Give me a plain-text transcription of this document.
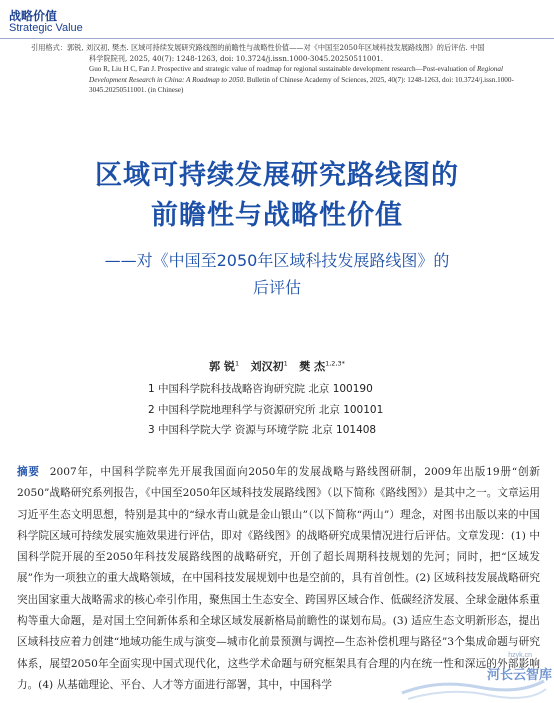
战略价值
Strategic Value
引用格式：郭锐, 刘汉初, 樊杰. 区域可持续发展研究路线图的前瞻性与战略性价值——对《中国至2050年区域科技发展路线图》的后评估. 中国
科学院院刊, 2025, 40(7): 1248-1263, doi: 10.3724/j.issn.1000-3045.20250511001.
Guo R, Liu H C, Fan J. Prospective and strategic value of roadmap for regional sustainable development research—Post-evaluation of Regional
Development Research in China: A Roadmap to 2050. Bulletin of Chinese Academy of Sciences, 2025, 40(7): 1248-1263, doi: 10.3724/j.issn.1000-
3045.20250511001. (in Chinese)
区域可持续发展研究路线图的
前瞻性与战略性价值
——对《中国至2050年区域科技发展路线图》的
后评估
郭 锐$^1$ 刘汉初$^1$ 樊 杰$^{1,2,3*}$
1 中国科学院科技战略咨询研究院 北京 100190
2 中国科学院地理科学与资源研究所 北京 100101
3 中国科学院大学 资源与环境学院 北京 101408
摘要 2007年，中国科学院率先开展我国面向2050年的发展战略与路线图研制，2009年出版19册“创新2050”战略研究系列报告，《中国至2050年区域科技发展路线图》（以下简称《路线图》）是其中之一。文章运用习近平生态文明思想，特别是其中的“绿水青山就是金山银山”（以下简称“两山”）理念，对图书出版以来的中国科学院区域可持续发展实施效果进行评估，即对《路线图》的战略研究成果情况进行后评估。文章发现：(1) 中国科学院开展的至2050年科技发展路线图的战略研究，开创了超长周期科技规划的先河；同时，把“区域发展”作为一项独立的重大战略领域，在中国科技发展规划中也是空前的，具有首创性。(2) 区域科技发展战略研究突出国家重大战略需求的核心牵引作用，聚焦国土生态安全、跨国界区域合作、低碳经济发展、全球金融体系重构等重大命题，是对国土空间新体系和全球区域发展新格局前瞻性的谋划布局。(3) 适应生态文明新形态，提出区域科技应着力创建“地域功能生成与演变—城市化前景预测与调控—生态补偿机理与路径”3个集成命题与研究体系，展望2050年全面实现中国式现代化，这些学术命题与研究框架具有合理的内在统一性和深远的外部影响力。(4) 从基础理论、平台、人才等方面进行部署，其中，中国科学
hzyk.cn
河长云智库
